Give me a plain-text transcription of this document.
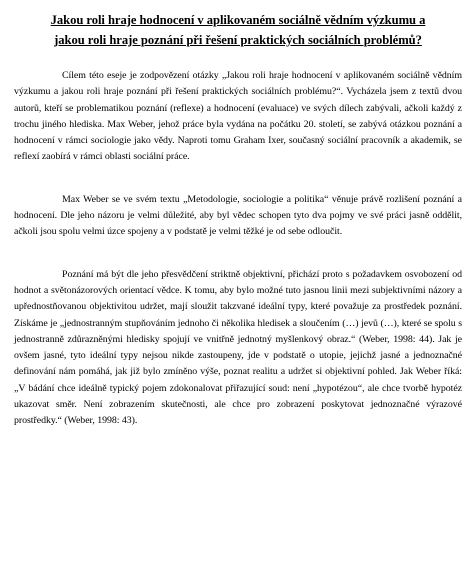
Jakou roli hraje hodnocení v aplikovaném sociálně vědním výzkumu a
jakou roli hraje poznání při řešení praktických sociálních problémů?

Cílem této eseje je zodpovězení otázky „Jakou roli hraje hodnocení v aplikovaném sociálně vědním výzkumu a jakou roli hraje poznání při řešení praktických sociálních problému?“. Vycházela jsem z textů dvou autorů, kteří se problematikou poznání (reflexe) a hodnocení (evaluace) ve svých dílech zabývali, ačkoli každý z trochu jiného hlediska. Max Weber, jehož práce byla vydána na počátku 20. století, se zabývá otázkou poznání a hodnocení v rámci sociologie jako vědy. Naproti tomu Graham Ixer, současný sociální pracovník a akademik, se reflexí zaobírá v rámci oblasti sociální práce.

Max Weber se ve svém textu „Metodologie, sociologie a politika“ věnuje právě rozlišení poznání a hodnocení. Dle jeho názoru je velmi důležité, aby byl vědec schopen tyto dva pojmy ve své práci jasně oddělit, ačkoli jsou spolu velmi úzce spojeny a v podstatě je velmi těžké je od sebe odloučit.

Poznání má být dle jeho přesvědčení striktně objektivní, přichází proto s požadavkem osvobození od hodnot a světonázorových orientací vědce. K tomu, aby bylo možné tuto jasnou linii mezi subjektivními názory a upřednostňovanou objektivitou udržet, mají sloužit takzvané ideální typy, které považuje za prostředek poznání. Získáme je „jednostranným stupňováním jednoho či několika hledisek a sloučením (…) jevů (…), které se spolu s jednostranně zdůrazněnými hledisky spojují ve vnitřně jednotný myšlenkový obraz.“ (Weber, 1998: 44). Jak je ovšem jasné, tyto ideální typy nejsou nikde zastoupeny, jde v podstatě o utopie, jejichž jasné a jednoznačné definování nám pomáhá, jak již bylo zmíněno výše, poznat realitu a udržet si objektivní pohled. Jak Weber říká: „V bádání chce ideálně typický pojem zdokonalovat přiřazující soud: není „hypotézou“, ale chce tvorbě hypotéz ukazovat směr. Není zobrazením skutečnosti, ale chce pro zobrazení poskytovat jednoznačné výrazové prostředky.“ (Weber, 1998: 43).
